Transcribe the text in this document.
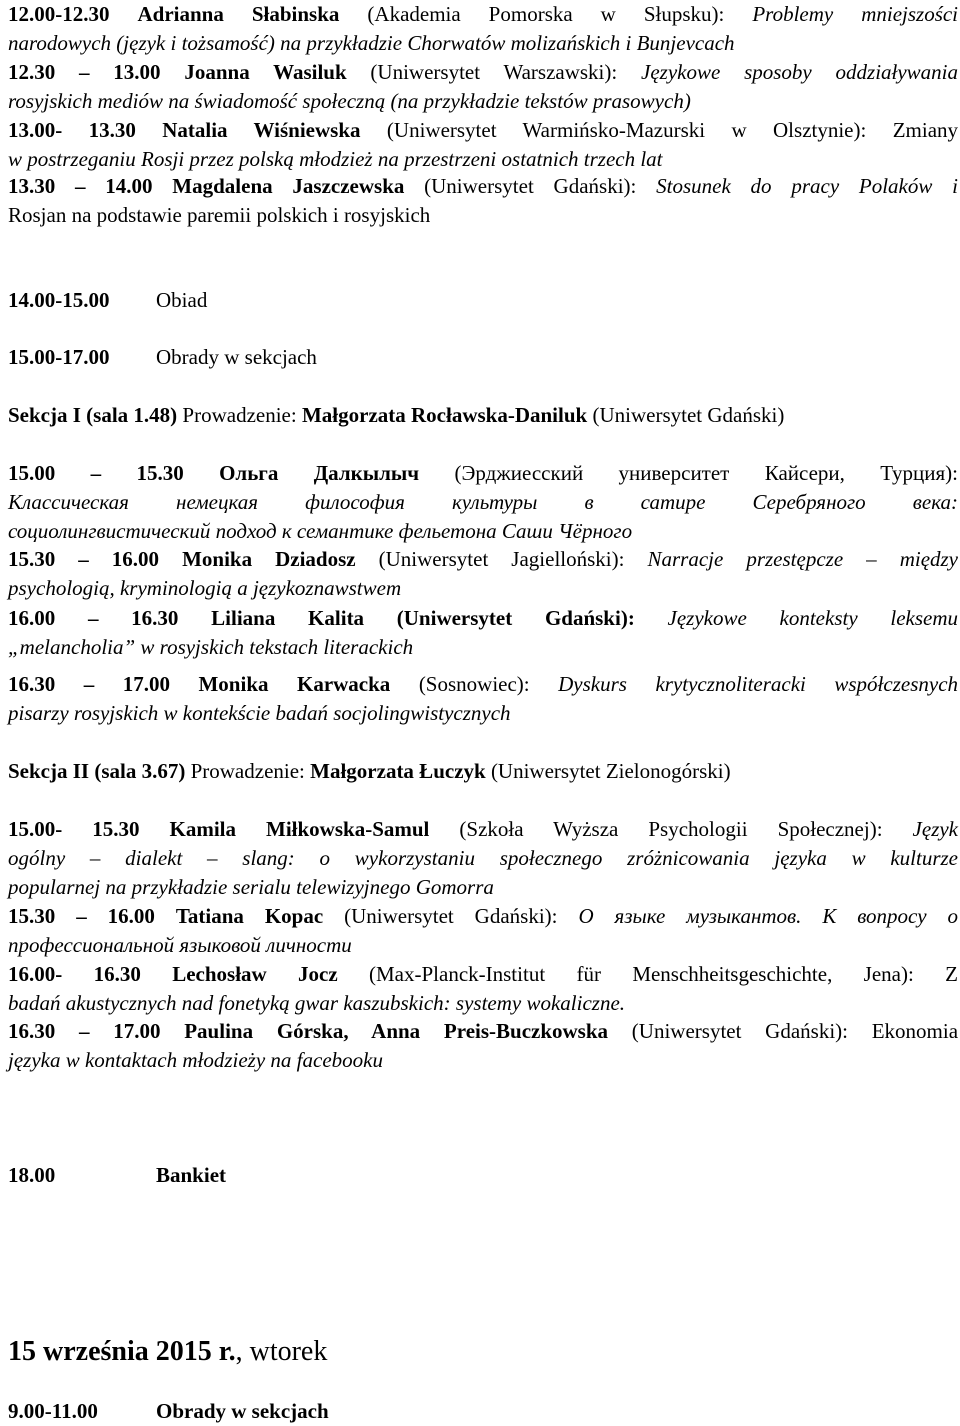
12.00-12.30 Adrianna Słabinska (Akademia Pomorska w Słupsku): Problemy mniejszości
narodowych (język i tożsamość) na przykładzie Chorwatów molizańskich i Bunjevcach
12.30 – 13.00 Joanna Wasiluk (Uniwersytet Warszawski): Językowe sposoby oddziaływania
rosyjskich mediów na świadomość społeczną (na przykładzie tekstów prasowych)
13.00- 13.30 Natalia Wiśniewska (Uniwersytet Warmińsko-Mazurski w Olsztynie): Zmiany
w postrzeganiu Rosji przez polską młodzież na przestrzeni ostatnich trzech lat
13.30 – 14.00 Magdalena Jaszczewska (Uniwersytet Gdański): Stosunek do pracy Polaków i
Rosjan na podstawie paremii polskich i rosyjskich
14.00-15.00 Obiad
15.00-17.00 Obrady w sekcjach
Sekcja I (sala 1.48) Prowadzenie: Małgorzata Rocławska-Daniluk (Uniwersytet Gdański)
15.00 – 15.30 Ольга Далкылыч (Эрджиесский университет Кайсери, Турция):
Классическая немецкая философия культуры в сатире Серебряного века:
социолингвистический подход к семантике фельетона Саши Чёрного
15.30 – 16.00 Monika Dziadosz (Uniwersytet Jagielloński): Narracje przestępcze – między
psychologią, kryminologią a językoznawstwem
16.00 – 16.30 Liliana Kalita (Uniwersytet Gdański): Językowe konteksty leksemu
„melancholia” w rosyjskich tekstach literackich
16.30 – 17.00 Monika Karwacka (Sosnowiec): Dyskurs krytycznoliteracki współczesnych
pisarzy rosyjskich w kontekście badań socjolingwistycznych
Sekcja II (sala 3.67) Prowadzenie: Małgorzata Łuczyk (Uniwersytet Zielonogórski)
15.00- 15.30 Kamila Miłkowska-Samul (Szkoła Wyższa Psychologii Społecznej): Język
ogólny – dialekt – slang: o wykorzystaniu społecznego zróżnicowania języka w kulturze
popularnej na przykładzie serialu telewizyjnego Gomorra
15.30 – 16.00 Tatiana Kopac (Uniwersytet Gdański): О языке музыкантов. К вопросу о
профессиональной языковой личности
16.00- 16.30 Lechosław Jocz (Max-Planck-Institut für Menschheitsgeschichte, Jena): Z
badań akustycznych nad fonetyką gwar kaszubskich: systemy wokaliczne.
16.30 – 17.00 Paulina Górska, Anna Preis-Buczkowska (Uniwersytet Gdański): Ekonomia
języka w kontaktach młodzieży na facebooku
18.00	Bankiet
15 września 2015 r., wtorek
9.00-11.00	Obrady w sekcjach
